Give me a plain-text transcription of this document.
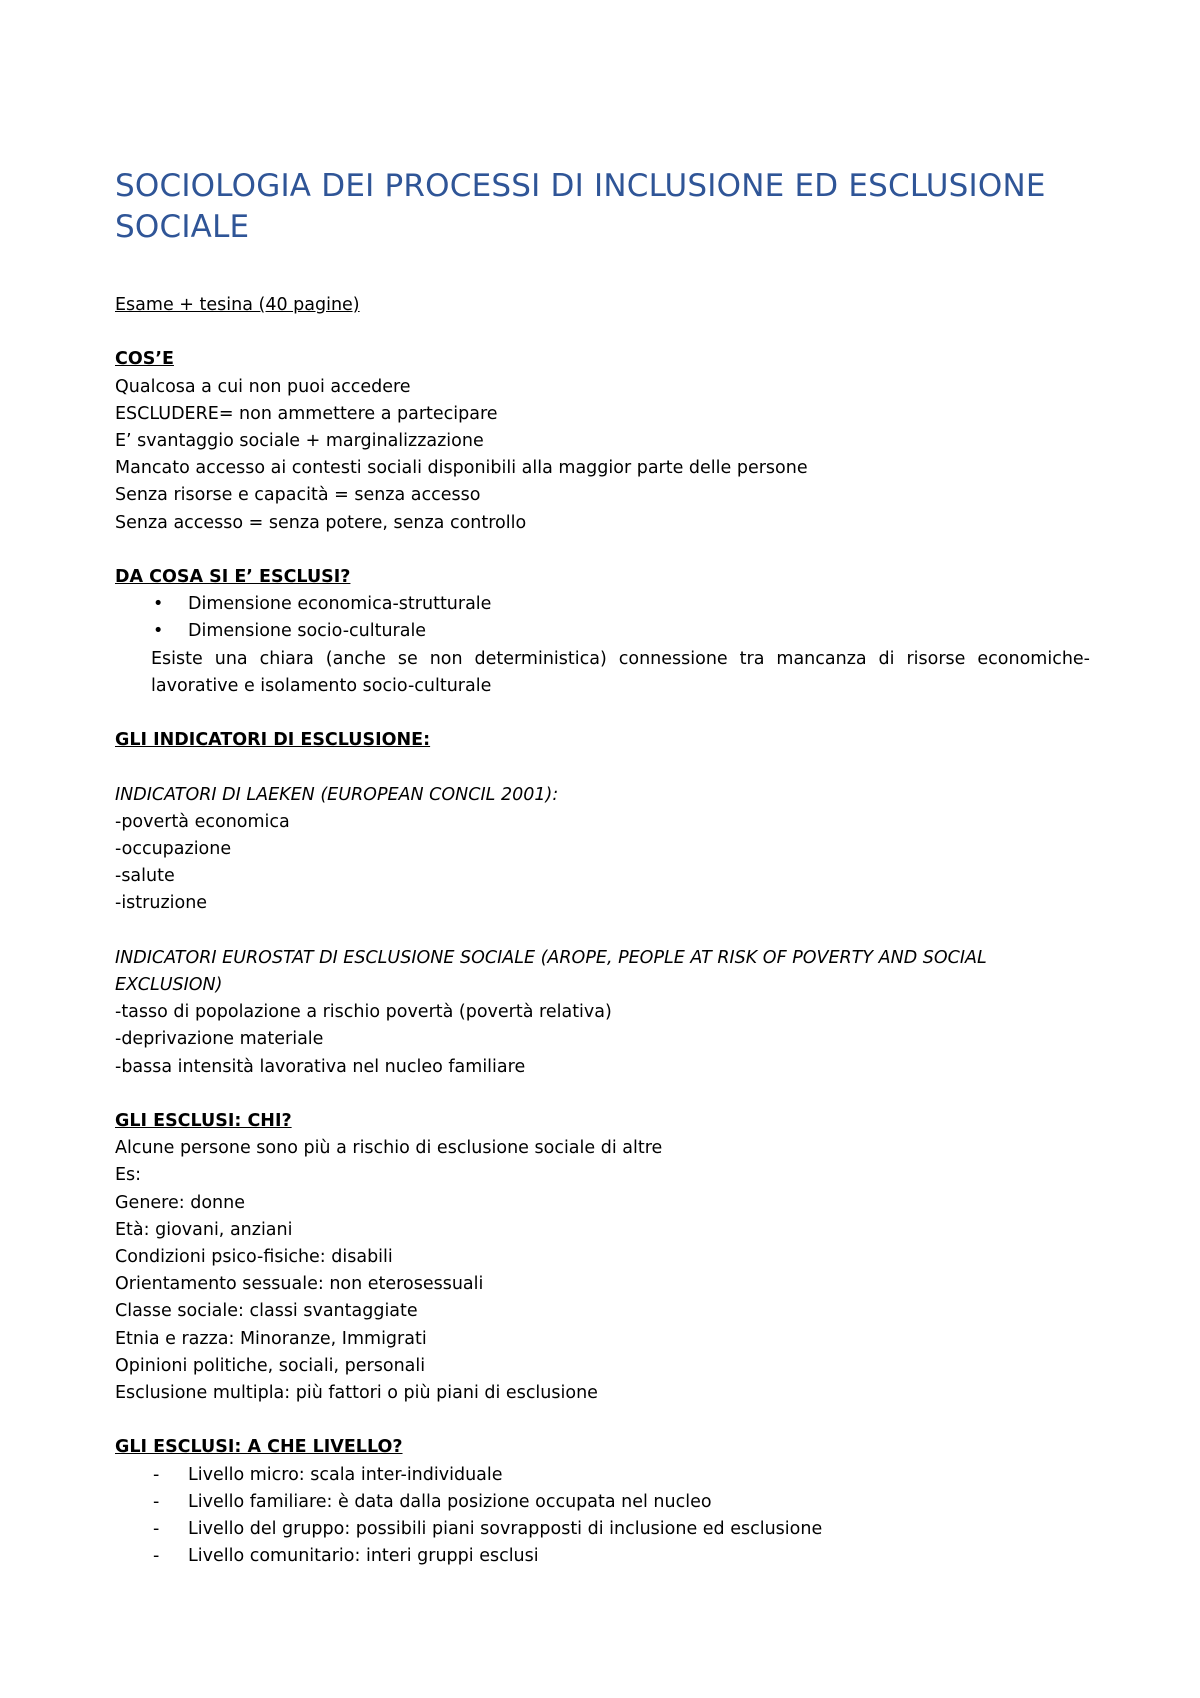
SOCIOLOGIA DEI PROCESSI DI INCLUSIONE ED ESCLUSIONE SOCIALE
Esame + tesina (40 pagine)
COS’E
Qualcosa a cui non puoi accedere
ESCLUDERE= non ammettere a partecipare
E’ svantaggio sociale + marginalizzazione
Mancato accesso ai contesti sociali disponibili alla maggior parte delle persone
Senza risorse e capacità = senza accesso
Senza accesso = senza potere, senza controllo
DA COSA SI E’ ESCLUSI?
• Dimensione economica-strutturale
• Dimensione socio-culturale
Esiste una chiara (anche se non deterministica) connessione tra mancanza di risorse economiche-lavorative e isolamento socio-culturale
GLI INDICATORI DI ESCLUSIONE:
INDICATORI DI LAEKEN (EUROPEAN CONCIL 2001):
-povertà economica
-occupazione
-salute
-istruzione
INDICATORI EUROSTAT DI ESCLUSIONE SOCIALE (AROPE, PEOPLE AT RISK OF POVERTY AND SOCIAL
EXCLUSION)
-tasso di popolazione a rischio povertà (povertà relativa)
-deprivazione materiale
-bassa intensità lavorativa nel nucleo familiare
GLI ESCLUSI: CHI?
Alcune persone sono più a rischio di esclusione sociale di altre
Es:
Genere: donne
Età: giovani, anziani
Condizioni psico-fisiche: disabili
Orientamento sessuale: non eterosessuali
Classe sociale: classi svantaggiate
Etnia e razza: Minoranze, Immigrati
Opinioni politiche, sociali, personali
Esclusione multipla: più fattori o più piani di esclusione
GLI ESCLUSI: A CHE LIVELLO?
- Livello micro: scala inter-individuale
- Livello familiare: è data dalla posizione occupata nel nucleo
- Livello del gruppo: possibili piani sovrapposti di inclusione ed esclusione
- Livello comunitario: interi gruppi esclusi
